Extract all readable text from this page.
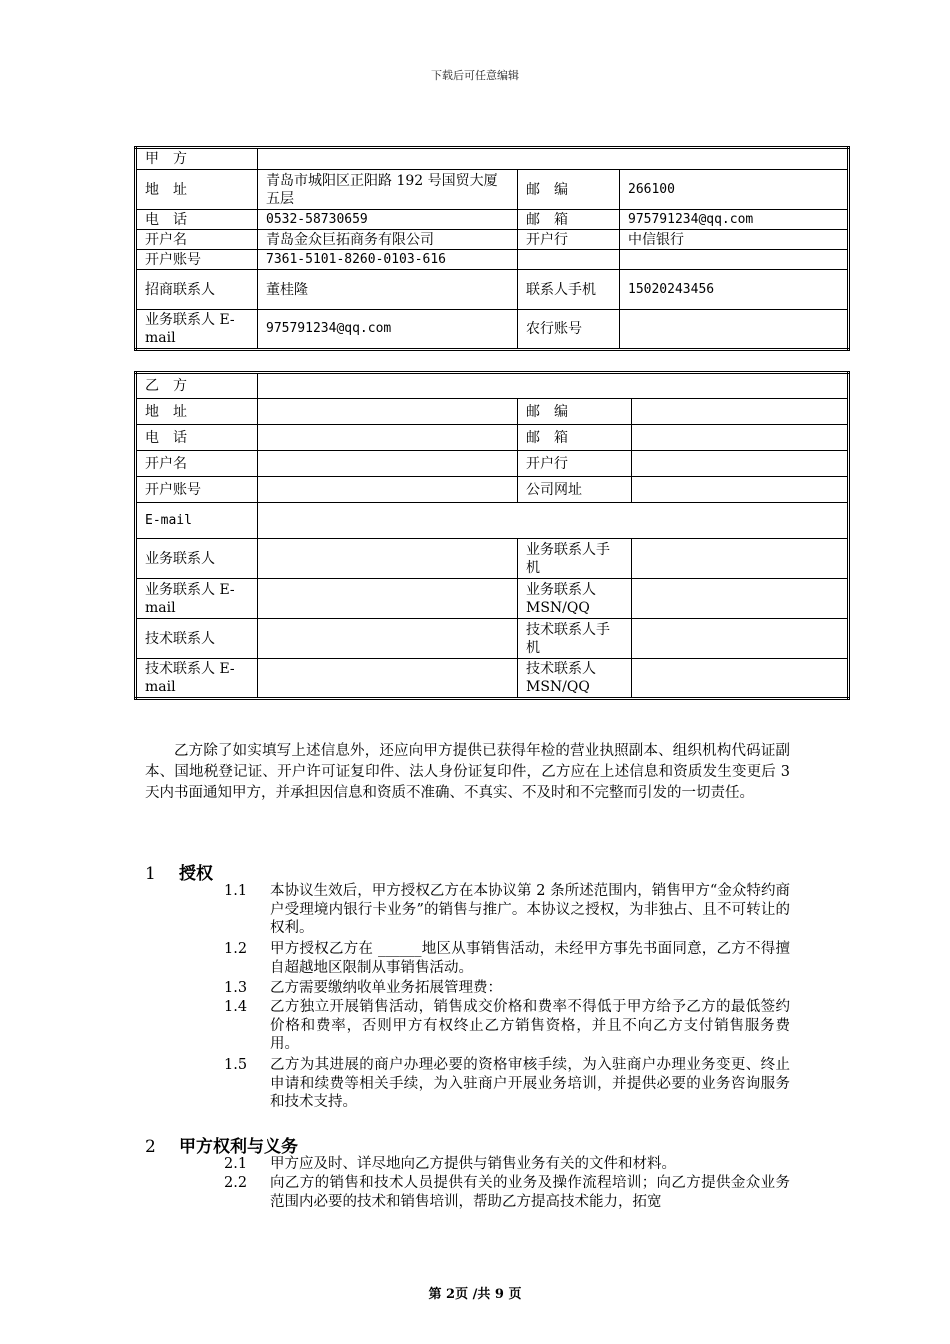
下载后可任意编辑
甲　方			
地　址	青岛市城阳区正阳路 192 号国贸大厦五层	邮　编	266100
电　话	0532-58730659	邮　箱	975791234@qq.com
开户名	青岛金众巨拓商务有限公司	开户行	中信银行
开户账号	7361-5101-8260-0103-616		
招商联系人	董桂隆	联系人手机	15020243456
业务联系人 E-mail	975791234@qq.com	农行账号	
乙　方			
地　址		邮　编	
电　话		邮　箱	
开户名		开户行	
开户账号		公司网址	
E-mail			
业务联系人		业务联系人手　机	
业务联系人 E-mail		业务联系人MSN/QQ	
技术联系人		技术联系人手　机	
技术联系人 E-mail		技术联系人MSN/QQ	
乙方除了如实填写上述信息外，还应向甲方提供已获得年检的营业执照副本、组织机构代码证副本、国地税登记证、开户许可证复印件、法人身份证复印件，乙方应在上述信息和资质发生变更后 3 天内书面通知甲方，并承担因信息和资质不准确、不真实、不及时和不完整而引发的一切责任。
1 授权
1.1	本协议生效后，甲方授权乙方在本协议第 2 条所述范围内，销售甲方“金众特约商户受理境内银行卡业务”的销售与推广。本协议之授权，为非独占、且不可转让的权利。
1.2	甲方授权乙方在 ______地区从事销售活动，未经甲方事先书面同意，乙方不得擅自超越地区限制从事销售活动。
1.3	乙方需要缴纳收单业务拓展管理费：
1.4	乙方独立开展销售活动，销售成交价格和费率不得低于甲方给予乙方的最低签约价格和费率，否则甲方有权终止乙方销售资格，并且不向乙方支付销售服务费用。
1.5	乙方为其进展的商户办理必要的资格审核手续，为入驻商户办理业务变更、终止申请和续费等相关手续，为入驻商户开展业务培训，并提供必要的业务咨询服务和技术支持。
2 甲方权利与义务
2.1	甲方应及时、详尽地向乙方提供与销售业务有关的文件和材料。
2.2	向乙方的销售和技术人员提供有关的业务及操作流程培训；向乙方提供金众业务范围内必要的技术和销售培训，帮助乙方提高技术能力，拓宽
第 2页 /共 9 页
